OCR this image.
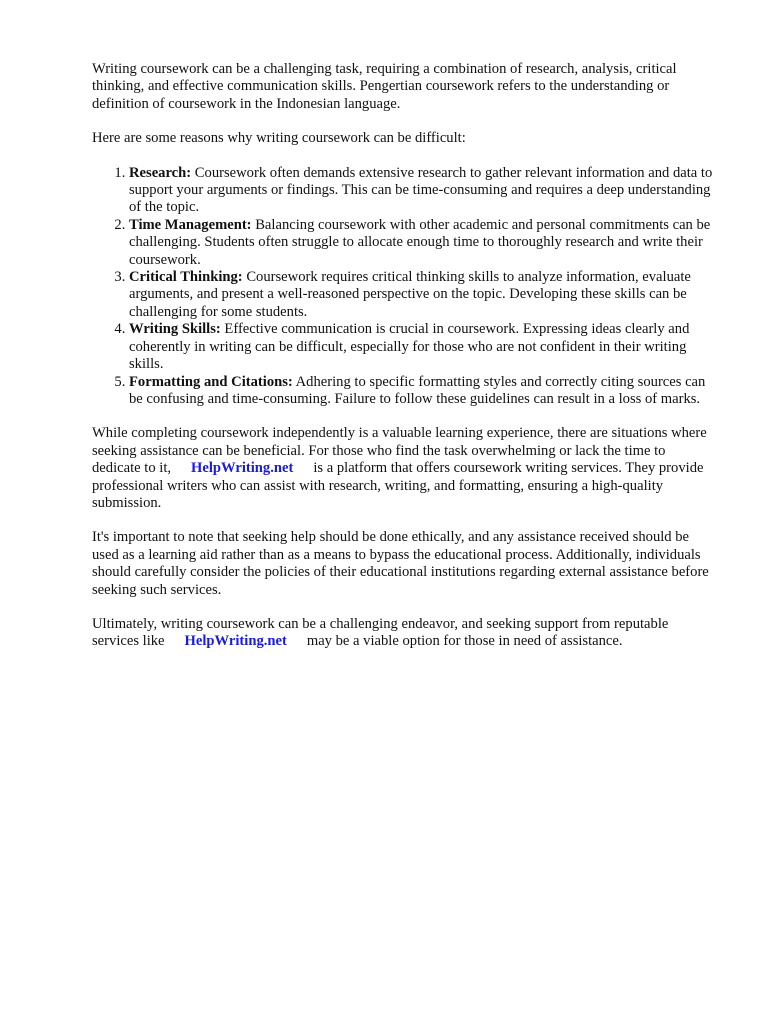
Writing coursework can be a challenging task, requiring a combination of research, analysis, critical thinking, and effective communication skills. Pengertian coursework refers to the understanding or definition of coursework in the Indonesian language.

Here are some reasons why writing coursework can be difficult:

1. Research: Coursework often demands extensive research to gather relevant information and data to support your arguments or findings. This can be time-consuming and requires a deep understanding of the topic.
2. Time Management: Balancing coursework with other academic and personal commitments can be challenging. Students often struggle to allocate enough time to thoroughly research and write their coursework.
3. Critical Thinking: Coursework requires critical thinking skills to analyze information, evaluate arguments, and present a well-reasoned perspective on the topic. Developing these skills can be challenging for some students.
4. Writing Skills: Effective communication is crucial in coursework. Expressing ideas clearly and coherently in writing can be difficult, especially for those who are not confident in their writing skills.
5. Formatting and Citations: Adhering to specific formatting styles and correctly citing sources can be confusing and time-consuming. Failure to follow these guidelines can result in a loss of marks.

While completing coursework independently is a valuable learning experience, there are situations where seeking assistance can be beneficial. For those who find the task overwhelming or lack the time to dedicate to it, HelpWriting.net is a platform that offers coursework writing services. They provide professional writers who can assist with research, writing, and formatting, ensuring a high-quality submission.

It's important to note that seeking help should be done ethically, and any assistance received should be used as a learning aid rather than as a means to bypass the educational process. Additionally, individuals should carefully consider the policies of their educational institutions regarding external assistance before seeking such services.

Ultimately, writing coursework can be a challenging endeavor, and seeking support from reputable services like HelpWriting.net may be a viable option for those in need of assistance.
